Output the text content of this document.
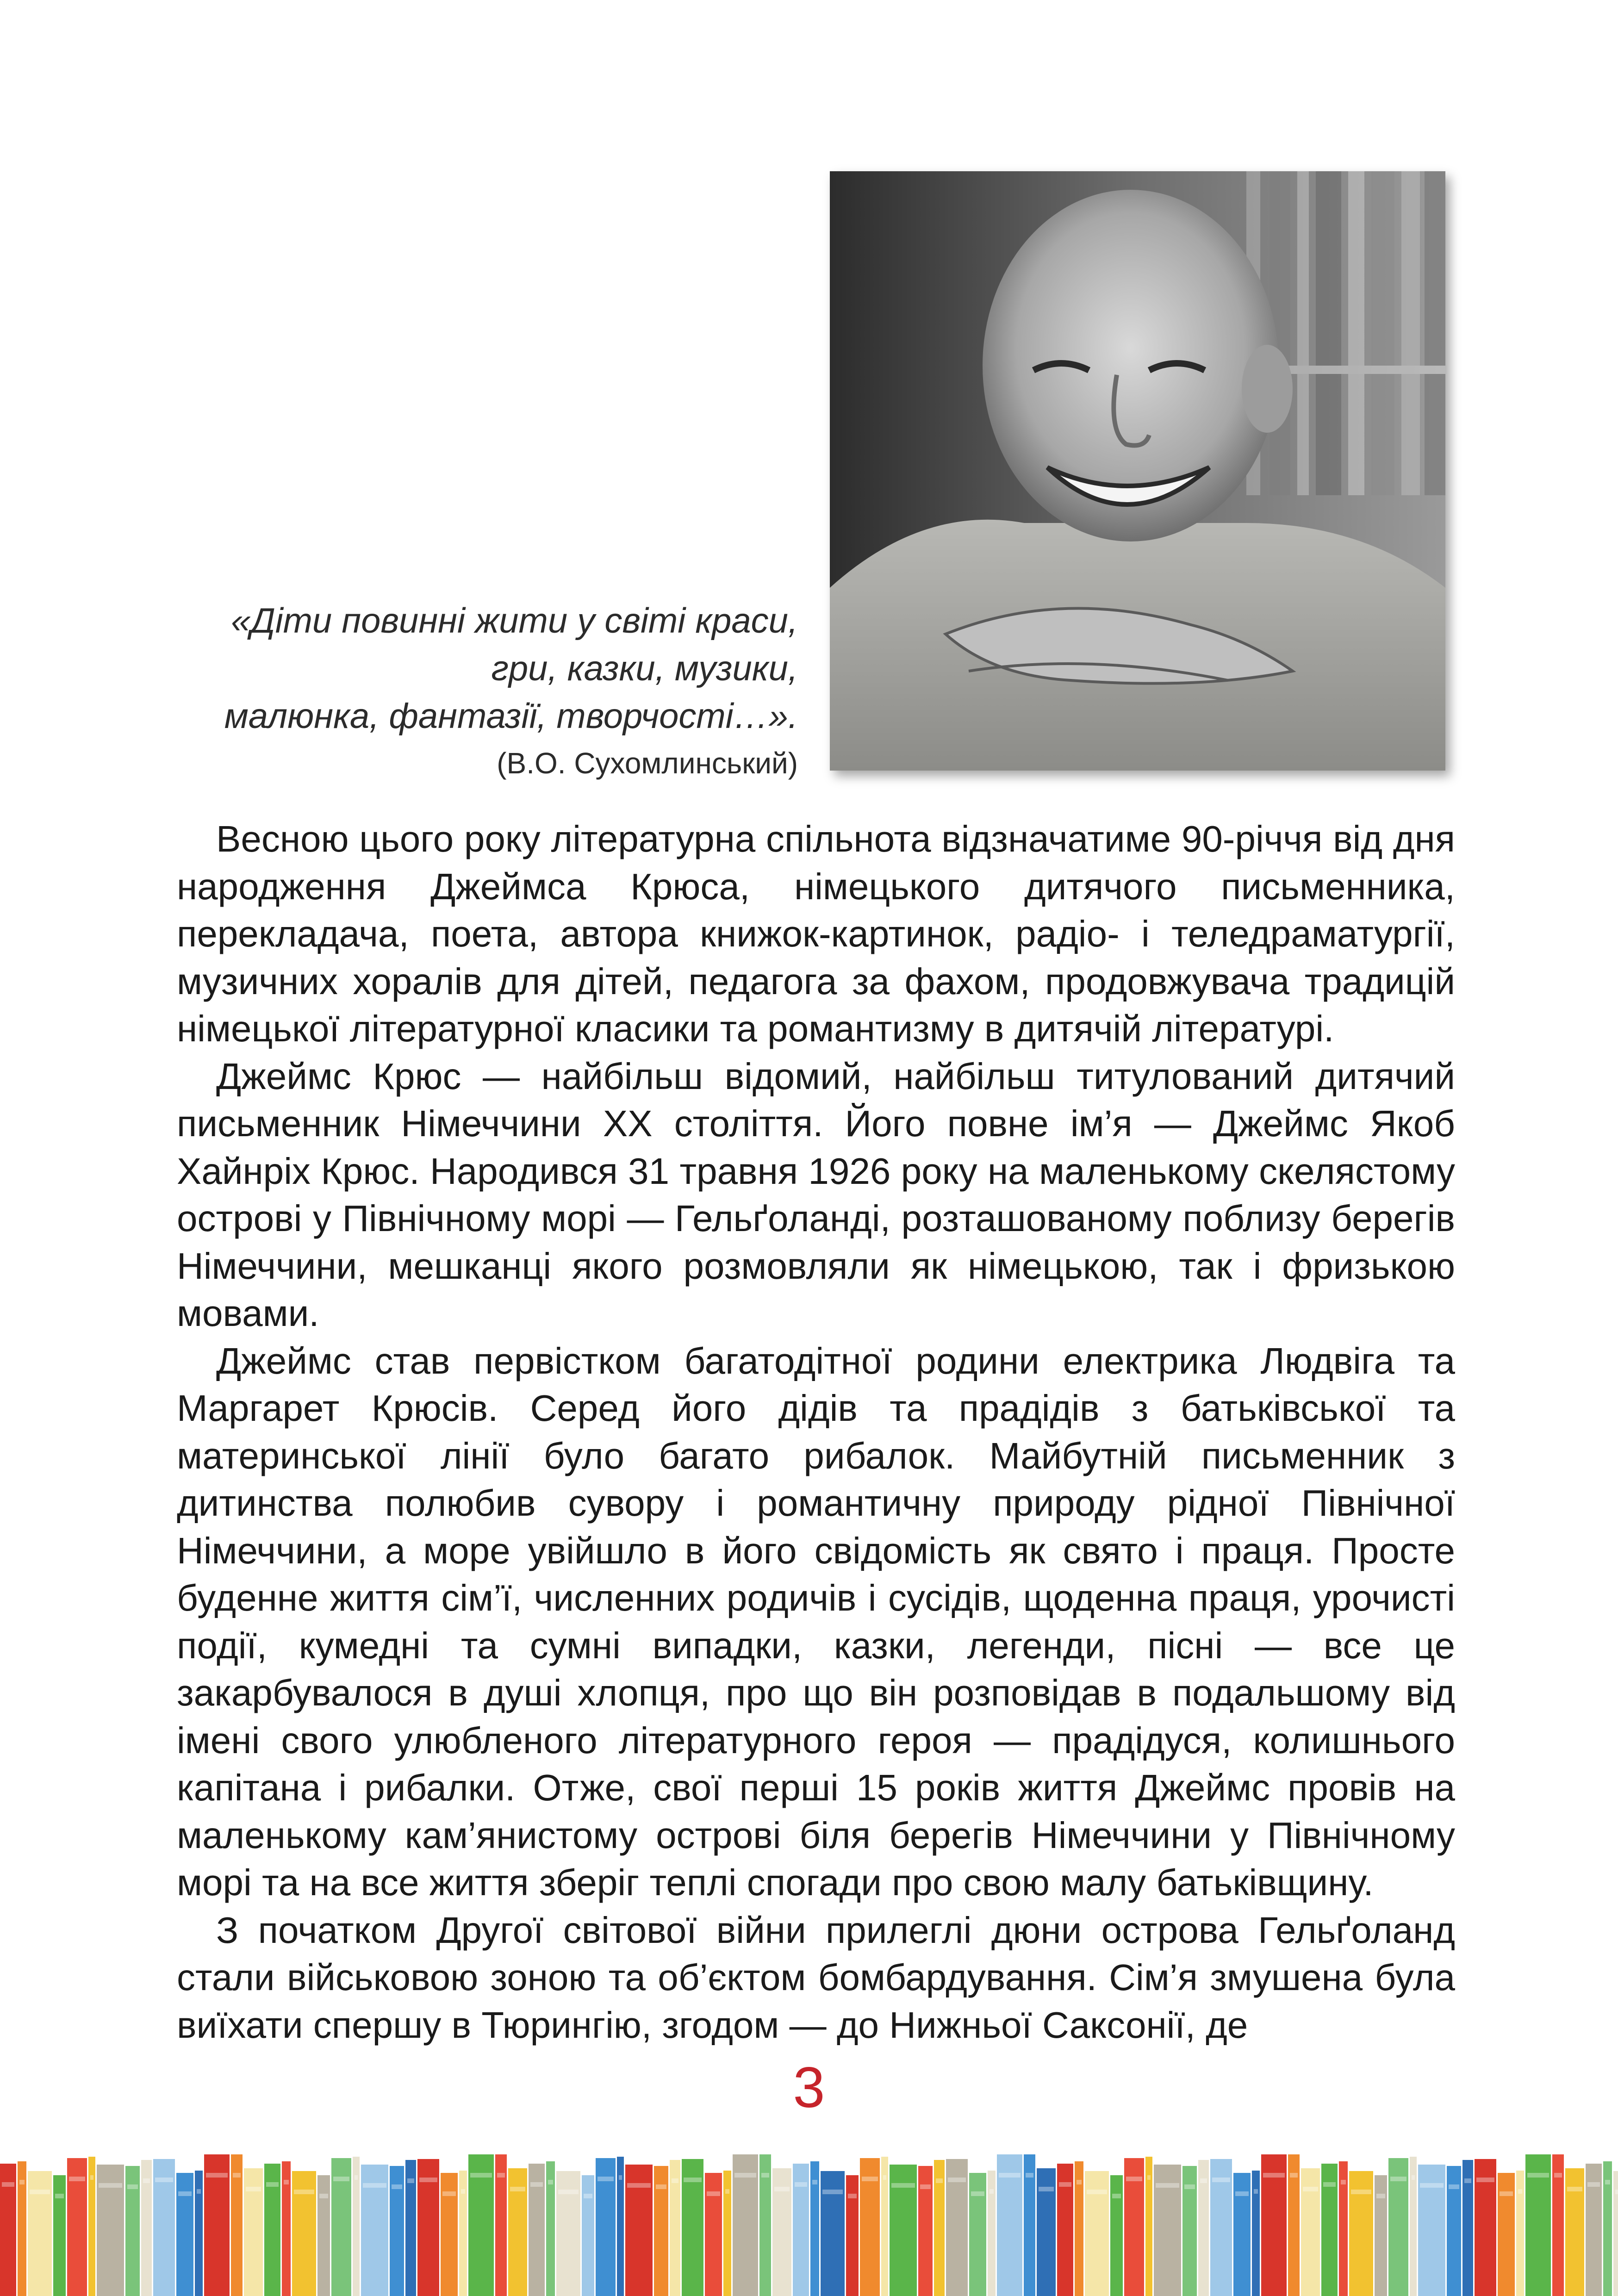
«Діти повинні жити у світі краси,
гри, казки, музики,
малюнка, фантазії, творчості…».
(В.О. Сухомлинський)

Весною цього року літературна спільнота відзначатиме 90-річчя від дня народження Джеймса Крюса, німецького дитячого письменника, перекладача, поета, автора книжок-картинок, радіо- і теледраматургії, музичних хоралів для дітей, педагога за фахом, продовжувача традицій німецької літературної класики та романтизму в дитячій літературі.

Джеймс Крюс — найбільш відомий, найбільш титулований дитячий письменник Німеччини XX століття. Його повне ім’я — Джеймс Якоб Хайнріх Крюс. Народився 31 травня 1926 року на маленькому скелястому острові у Північному морі — Гельґоланді, розташованому поблизу берегів Німеччини, мешканці якого розмовляли як німецькою, так і фризькою мовами.

Джеймс став первістком багатодітної родини електрика Людвіга та Маргарет Крюсів. Серед його дідів та прадідів з батьківської та материнської лінії було багато рибалок. Майбутній письменник з дитинства полюбив сувору і романтичну природу рідної Північної Німеччини, а море увійшло в його свідомість як свято і праця. Просте буденне життя сім’ї, численних родичів і сусідів, щоденна праця, урочисті події, кумедні та сумні випадки, казки, легенди, пісні — все це закарбувалося в душі хлопця, про що він розповідав в подальшому від імені свого улюбленого літературного героя — прадідуся, колишнього капітана і рибалки. Отже, свої перші 15 років життя Джеймс провів на маленькому кам’янистому острові біля берегів Німеччини у Північному морі та на все життя зберіг теплі спогади про свою малу батьківщину.

З початком Другої світової війни прилеглі дюни острова Гельґоланд стали військовою зоною та об’єктом бомбардування. Сім’я змушена була виїхати спершу в Тюрингію, згодом — до Нижньої Саксонії, де

3
